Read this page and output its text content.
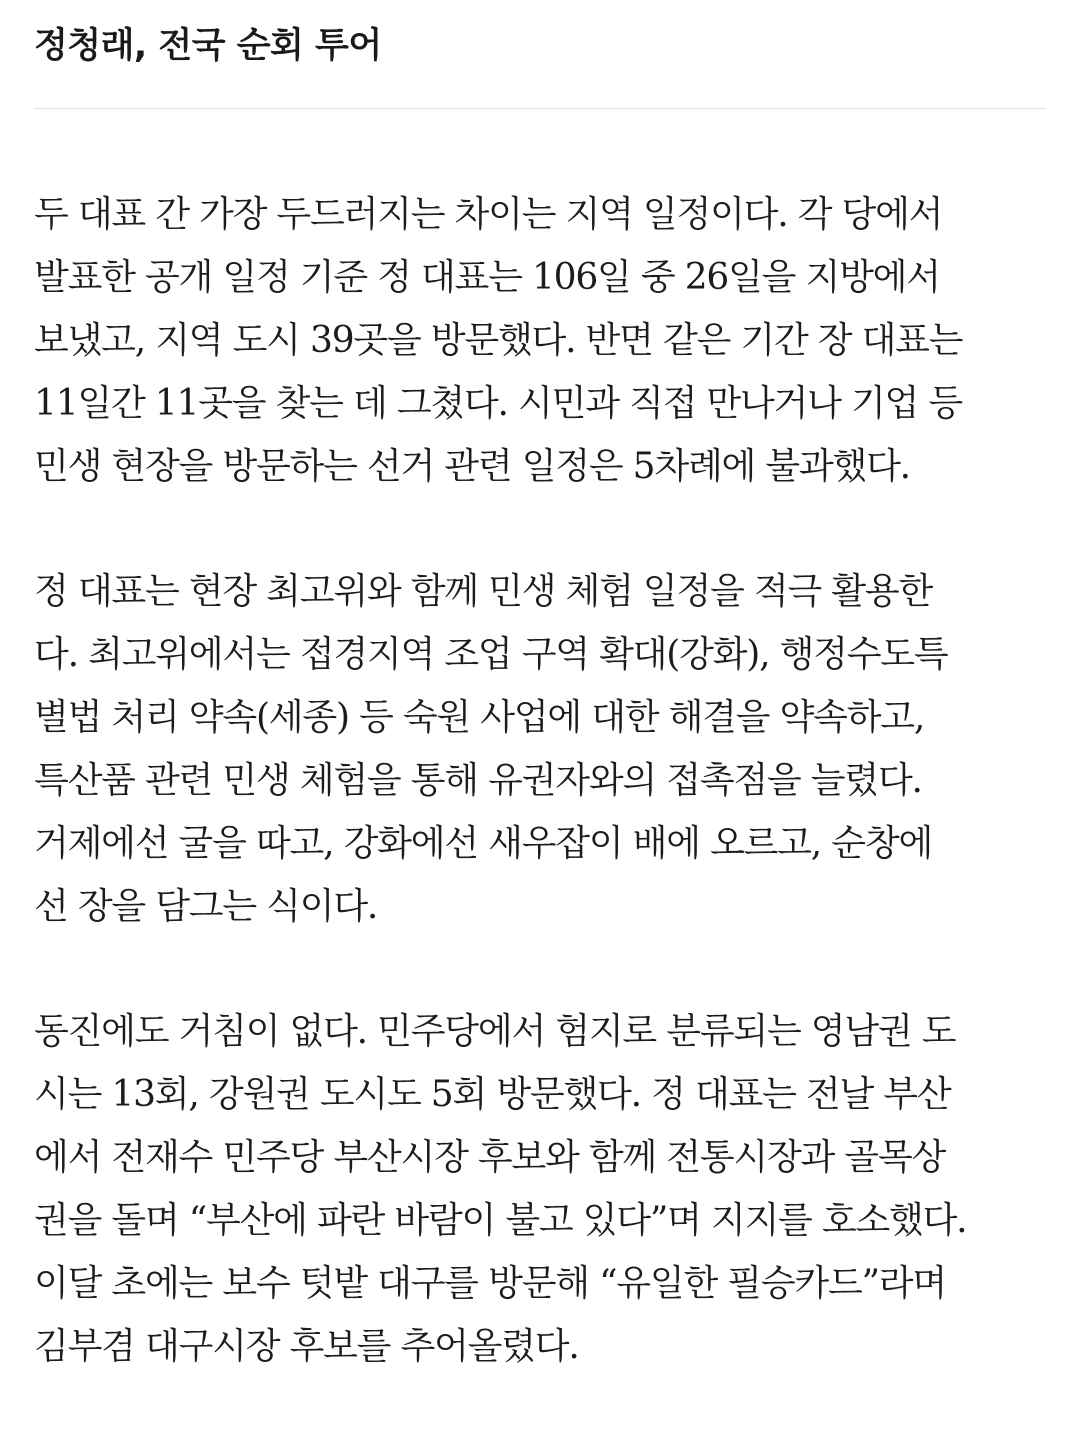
정청래, 전국 순회 투어

두 대표 간 가장 두드러지는 차이는 지역 일정이다. 각 당에서
발표한 공개 일정 기준 정 대표는 106일 중 26일을 지방에서
보냈고, 지역 도시 39곳을 방문했다. 반면 같은 기간 장 대표는
11일간 11곳을 찾는 데 그쳤다. 시민과 직접 만나거나 기업 등
민생 현장을 방문하는 선거 관련 일정은 5차례에 불과했다.

정 대표는 현장 최고위와 함께 민생 체험 일정을 적극 활용한
다. 최고위에서는 접경지역 조업 구역 확대(강화), 행정수도특
별법 처리 약속(세종) 등 숙원 사업에 대한 해결을 약속하고,
특산품 관련 민생 체험을 통해 유권자와의 접촉점을 늘렸다.
거제에선 굴을 따고, 강화에선 새우잡이 배에 오르고, 순창에
선 장을 담그는 식이다.

동진에도 거침이 없다. 민주당에서 험지로 분류되는 영남권 도
시는 13회, 강원권 도시도 5회 방문했다. 정 대표는 전날 부산
에서 전재수 민주당 부산시장 후보와 함께 전통시장과 골목상
권을 돌며 “부산에 파란 바람이 불고 있다”며 지지를 호소했다.
이달 초에는 보수 텃밭 대구를 방문해 “유일한 필승카드”라며
김부겸 대구시장 후보를 추어올렸다.
